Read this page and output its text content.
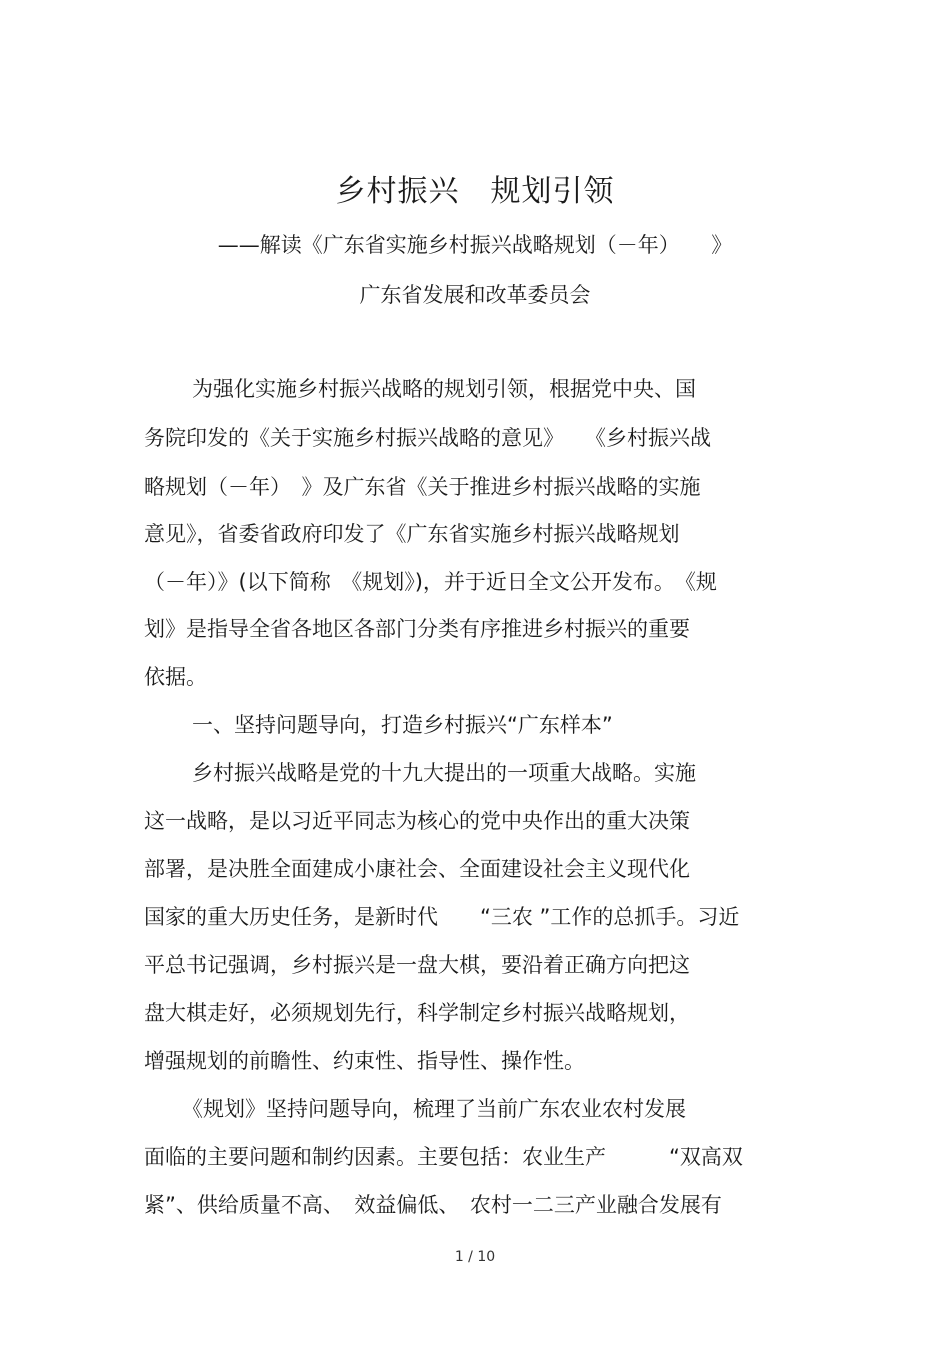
乡村振兴　规划引领
——解读《广东省实施乡村振兴战略规划（－年）　　》
广东省发展和改革委员会
为强化实施乡村振兴战略的规划引领，根据党中央、国
务院印发的《关于实施乡村振兴战略的意见》　　《乡村振兴战
略规划（－年）　》及广东省《关于推进乡村振兴战略的实施
意见》，省委省政府印发了《广东省实施乡村振兴战略规划
（－年）》(以下简称　《规划》)，并于近日全文公开发布。　《规
划》是指导全省各地区各部门分类有序推进乡村振兴的重要
依据。
一、坚持问题导向，打造乡村振兴“广东样本”
乡村振兴战略是党的十九大提出的一项重大战略。实施
这一战略，是以习近平同志为核心的党中央作出的重大决策
部署，是决胜全面建成小康社会、全面建设社会主义现代化
国家的重大历史任务，是新时代　　“三农 ”工作的总抓手。习近
平总书记强调，乡村振兴是一盘大棋，要沿着正确方向把这
盘大棋走好，必须规划先行，科学制定乡村振兴战略规划，
增强规划的前瞻性、约束性、指导性、操作性。
《规划》坚持问题导向，梳理了当前广东农业农村发展
面临的主要问题和制约因素。主要包括：农业生产　　　“双高双
紧”、供给质量不高、　效益偏低、　农村一二三产业融合发展有
1 / 10
